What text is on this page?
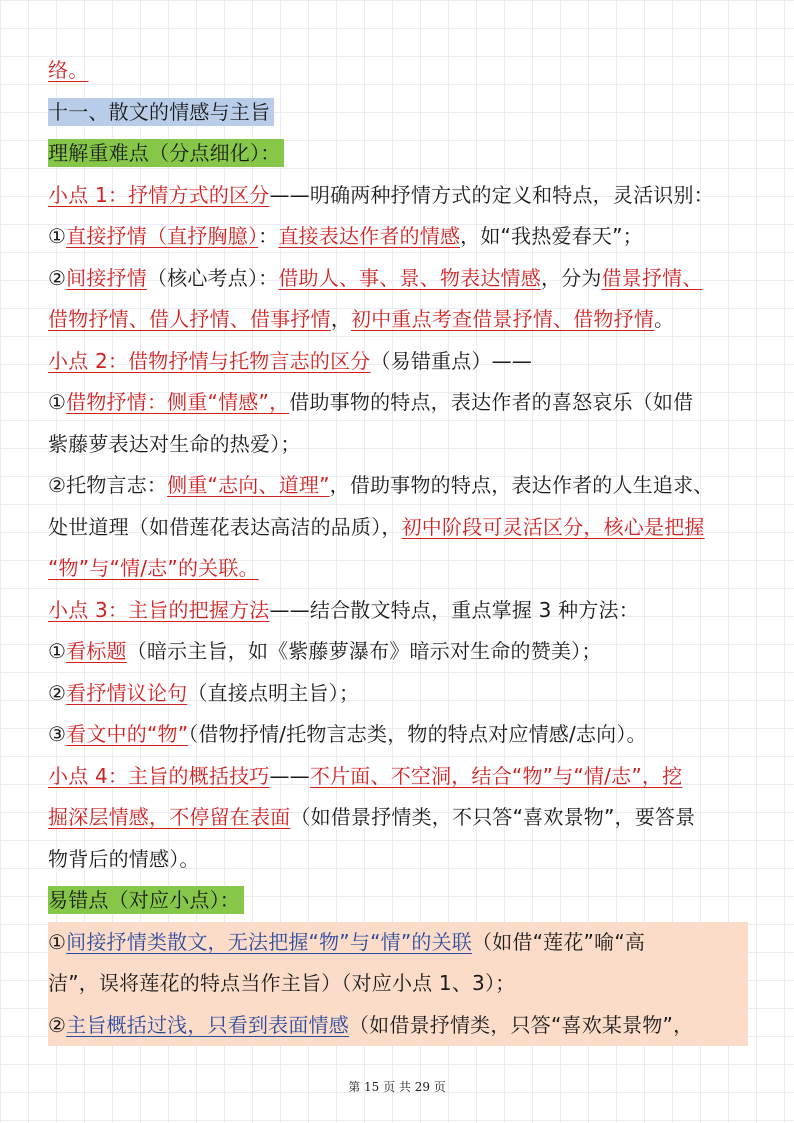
络。
十一、散文的情感与主旨
理解重难点（分点细化）：
小点 1：抒情方式的区分——明确两种抒情方式的定义和特点，灵活识别：
①直接抒情（直抒胸臆）：直接表达作者的情感，如“我热爱春天”；
②间接抒情（核心考点）：借助人、事、景、物表达情感，分为借景抒情、
借物抒情、借人抒情、借事抒情，初中重点考查借景抒情、借物抒情。
小点 2：借物抒情与托物言志的区分（易错重点）——
①借物抒情：侧重“情感”，借助事物的特点，表达作者的喜怒哀乐（如借
紫藤萝表达对生命的热爱）；
②托物言志：侧重“志向、道理”，借助事物的特点，表达作者的人生追求、
处世道理（如借莲花表达高洁的品质），初中阶段可灵活区分，核心是把握
“物”与“情/志”的关联。
小点 3：主旨的把握方法——结合散文特点，重点掌握 3 种方法：
①看标题（暗示主旨，如《紫藤萝瀑布》暗示对生命的赞美）；
②看抒情议论句（直接点明主旨）；
③看文中的“物”（借物抒情/托物言志类，物的特点对应情感/志向）。
小点 4：主旨的概括技巧——不片面、不空洞，结合“物”与“情/志”，挖
掘深层情感，不停留在表面（如借景抒情类，不只答“喜欢景物”，要答景
物背后的情感）。
易错点（对应小点）：
①间接抒情类散文，无法把握“物”与“情”的关联（如借“莲花”喻“高
洁”，误将莲花的特点当作主旨）（对应小点 1、3）；
②主旨概括过浅，只看到表面情感（如借景抒情类，只答“喜欢某景物”，
第 15 页 共 29 页
